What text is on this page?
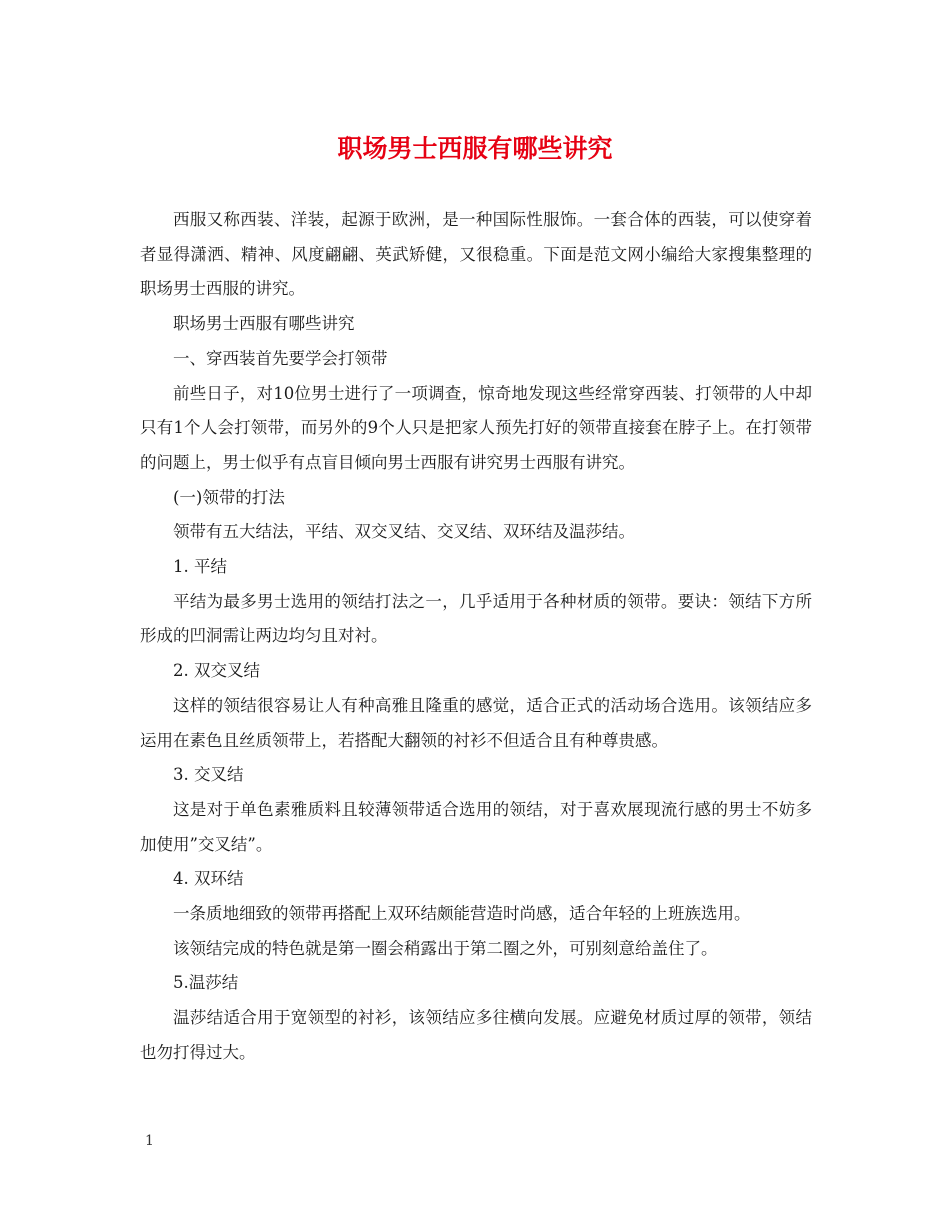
职场男士西服有哪些讲究

西服又称西装、洋装，起源于欧洲，是一种国际性服饰。一套合体的西装，可以使穿着者显得潇洒、精神、风度翩翩、英武矫健，又很稳重。下面是范文网小编给大家搜集整理的职场男士西服的讲究。

职场男士西服有哪些讲究

一、穿西装首先要学会打领带

前些日子，对10位男士进行了一项调查，惊奇地发现这些经常穿西装、打领带的人中却只有1个人会打领带，而另外的9个人只是把家人预先打好的领带直接套在脖子上。在打领带的问题上，男士似乎有点盲目倾向男士西服有讲究男士西服有讲究。

(一)领带的打法

领带有五大结法，平结、双交叉结、交叉结、双环结及温莎结。

1. 平结

平结为最多男士选用的领结打法之一，几乎适用于各种材质的领带。要诀：领结下方所形成的凹洞需让两边均匀且对衬。

2. 双交叉结

这样的领结很容易让人有种高雅且隆重的感觉，适合正式的活动场合选用。该领结应多运用在素色且丝质领带上，若搭配大翻领的衬衫不但适合且有种尊贵感。

3. 交叉结

这是对于单色素雅质料且较薄领带适合选用的领结，对于喜欢展现流行感的男士不妨多加使用”交叉结”。

4. 双环结

一条质地细致的领带再搭配上双环结颇能营造时尚感，适合年轻的上班族选用。

该领结完成的特色就是第一圈会稍露出于第二圈之外，可别刻意给盖住了。

5.温莎结

温莎结适合用于宽领型的衬衫，该领结应多往横向发展。应避免材质过厚的领带，领结也勿打得过大。

1
